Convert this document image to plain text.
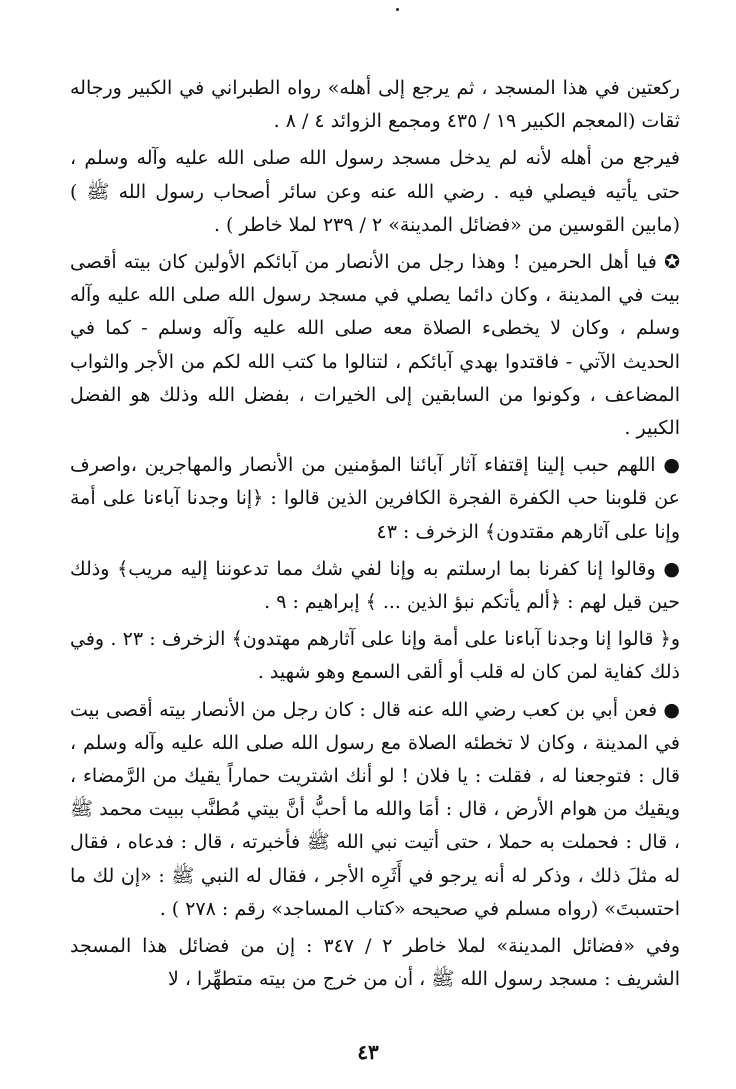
ركعتين في هذا المسجد ، ثم يرجع إلى أهله» رواه الطبراني في الكبير ورجاله ثقات (المعجم الكبير ١٩ / ٤٣٥ ومجمع الزوائد ٤ / ٨ .

فيرجع من أهله لأنه لم يدخل مسجد رسول الله صلى الله عليه وآله وسلم ، حتى يأتيه فيصلي فيه . رضي الله عنه وعن سائر أصحاب رسول الله ﷺ ) (مابين القوسين من «فضائل المدينة» ٢ / ٢٣٩ لملا خاطر ) .

✪ فيا أهل الحرمين ! وهذا رجل من الأنصار من آبائكم الأولين كان بيته أقصى بيت في المدينة ، وكان دائما يصلي في مسجد رسول الله صلى الله عليه وآله وسلم ، وكان لا يخطىء الصلاة معه صلى الله عليه وآله وسلم - كما في الحديث الآتي - فاقتدوا بهدي آبائكم ، لتنالوا ما كتب الله لكم من الأجر والثواب المضاعف ، وكونوا من السابقين إلى الخيرات ، بفضل الله وذلك هو الفضل الكبير .

● اللهم حبب إلينا إقتفاء آثار آبائنا المؤمنين من الأنصار والمهاجرين ،واصرف عن قلوبنا حب الكفرة الفجرة الكافرين الذين قالوا : ﴿إنا وجدنا آباءنا على أمة وإنا على آثارهم مقتدون﴾ الزخرف : ٤٣

● وقالوا إنا كفرنا بما ارسلتم به وإنا لفي شك مما تدعوننا إليه مريب﴾ وذلك حين قيل لهم : ﴿ألم يأتكم نبؤ الذين ... ﴾ إبراهيم : ٩ .

و﴿ قالوا إنا وجدنا آباءنا على أمة وإنا على آثارهم مهتدون﴾ الزخرف : ٢٣ . وفي ذلك كفاية لمن كان له قلب أو ألقى السمع وهو شهيد .

● فعن أبي بن كعب رضي الله عنه قال : كان رجل من الأنصار بيته أقصى بيت في المدينة ، وكان لا تخطئه الصلاة مع رسول الله صلى الله عليه وآله وسلم ، قال : فتوجعنا له ، فقلت : يا فلان ! لو أنك اشتريت حماراً يقيك من الرَّمضاء ، ويقيك من هوام الأرض ، قال : أمَا والله ما أحبُّ أنَّ بيتي مُطنَّب ببيت محمد ﷺ ، قال : فحملت به حملا ، حتى أتيت نبي الله ﷺ فأخبرته ، قال : فدعاه ، فقال له مثلَ ذلك ، وذكر له أنه يرجو في أَثَرِه الأجر ، فقال له النبي ﷺ : «إن لك ما احتسبتَ» (رواه مسلم في صحيحه «كتاب المساجد» رقم : ٢٧٨ ) .

وفي «فضائل المدينة» لملا خاطر ٢ / ٣٤٧ : إن من فضائل هذا المسجد الشريف : مسجد رسول الله ﷺ ، أن من خرج من بيته متطهِّرا ، لا

٤٣
